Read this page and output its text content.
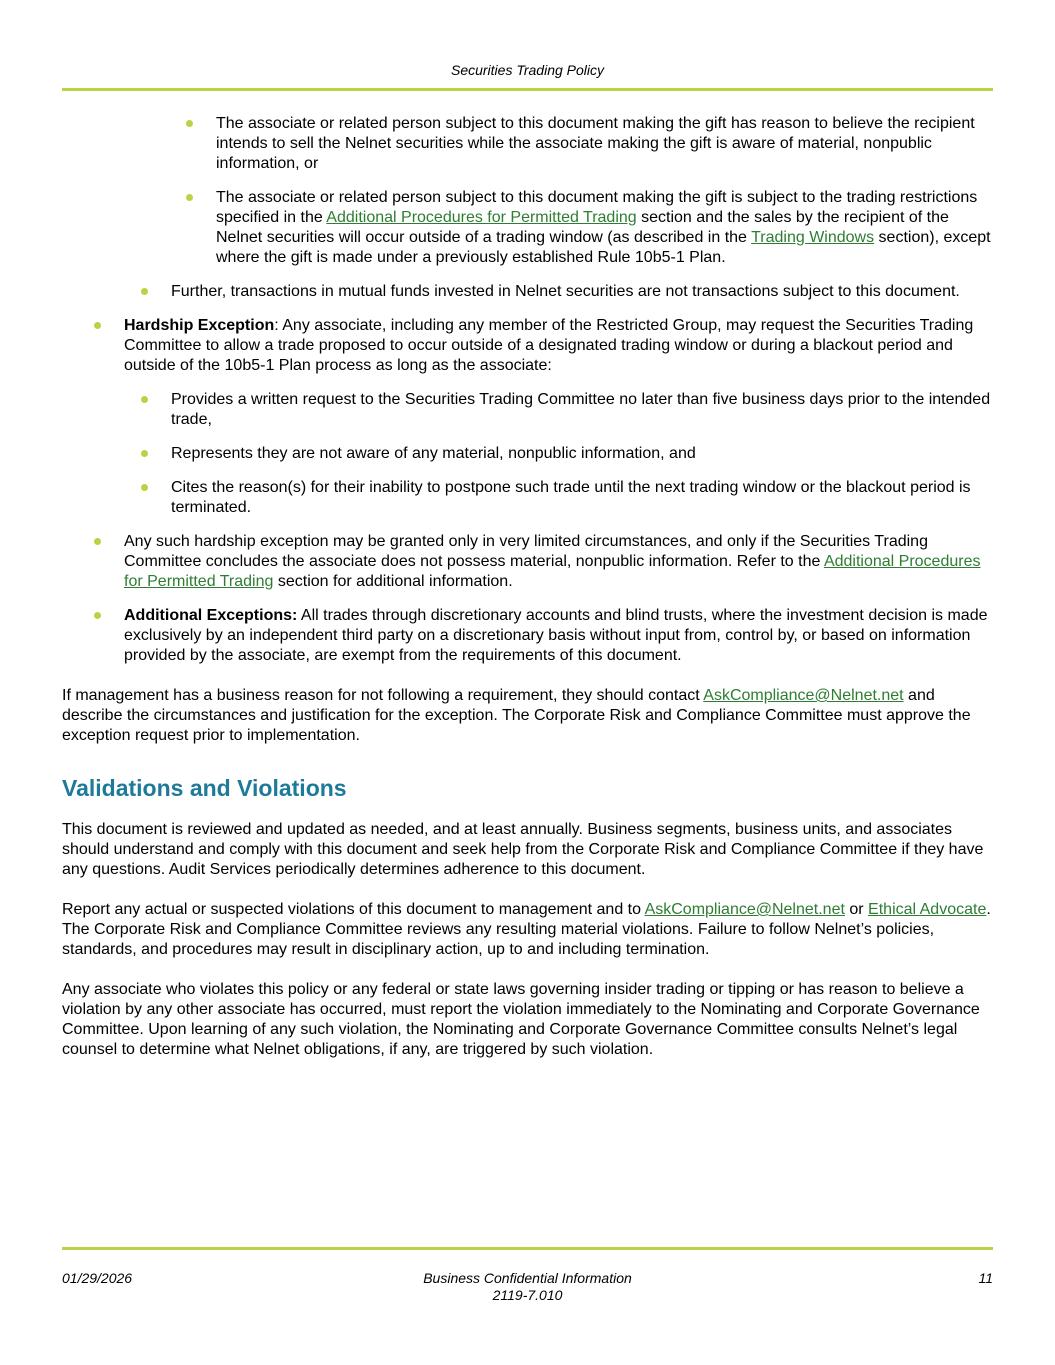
Securities Trading Policy
The associate or related person subject to this document making the gift has reason to believe the recipient intends to sell the Nelnet securities while the associate making the gift is aware of material, nonpublic information, or
The associate or related person subject to this document making the gift is subject to the trading restrictions specified in the Additional Procedures for Permitted Trading section and the sales by the recipient of the Nelnet securities will occur outside of a trading window (as described in the Trading Windows section), except where the gift is made under a previously established Rule 10b5-1 Plan.
Further, transactions in mutual funds invested in Nelnet securities are not transactions subject to this document.
Hardship Exception: Any associate, including any member of the Restricted Group, may request the Securities Trading Committee to allow a trade proposed to occur outside of a designated trading window or during a blackout period and outside of the 10b5-1 Plan process as long as the associate:
Provides a written request to the Securities Trading Committee no later than five business days prior to the intended trade,
Represents they are not aware of any material, nonpublic information, and
Cites the reason(s) for their inability to postpone such trade until the next trading window or the blackout period is terminated.
Any such hardship exception may be granted only in very limited circumstances, and only if the Securities Trading Committee concludes the associate does not possess material, nonpublic information. Refer to the Additional Procedures for Permitted Trading section for additional information.
Additional Exceptions: All trades through discretionary accounts and blind trusts, where the investment decision is made exclusively by an independent third party on a discretionary basis without input from, control by, or based on information provided by the associate, are exempt from the requirements of this document.

If management has a business reason for not following a requirement, they should contact AskCompliance@Nelnet.net and describe the circumstances and justification for the exception. The Corporate Risk and Compliance Committee must approve the exception request prior to implementation.

Validations and Violations

This document is reviewed and updated as needed, and at least annually. Business segments, business units, and associates should understand and comply with this document and seek help from the Corporate Risk and Compliance Committee if they have any questions. Audit Services periodically determines adherence to this document.

Report any actual or suspected violations of this document to management and to AskCompliance@Nelnet.net or Ethical Advocate. The Corporate Risk and Compliance Committee reviews any resulting material violations. Failure to follow Nelnet’s policies, standards, and procedures may result in disciplinary action, up to and including termination.

Any associate who violates this policy or any federal or state laws governing insider trading or tipping or has reason to believe a violation by any other associate has occurred, must report the violation immediately to the Nominating and Corporate Governance Committee. Upon learning of any such violation, the Nominating and Corporate Governance Committee consults Nelnet’s legal counsel to determine what Nelnet obligations, if any, are triggered by such violation.

01/29/2026	Business Confidential Information
2119-7.010
11
